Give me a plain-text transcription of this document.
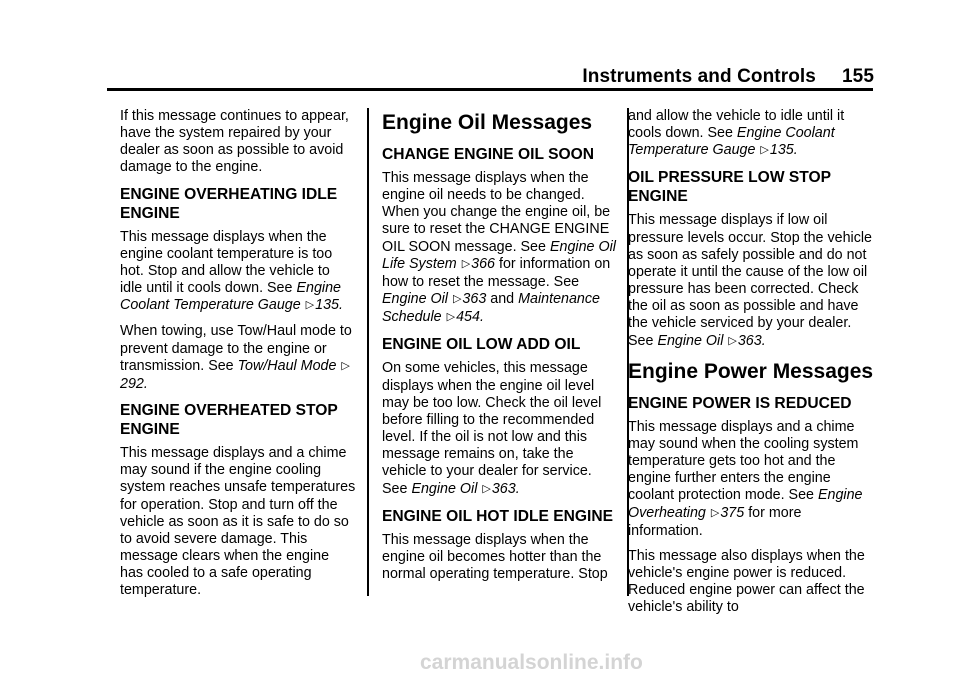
Instruments and Controls 155

If this message continues to appear, have the system repaired by your dealer as soon as possible to avoid damage to the engine.

ENGINE OVERHEATING IDLE ENGINE

This message displays when the engine coolant temperature is too hot. Stop and allow the vehicle to idle until it cools down. See Engine Coolant Temperature Gauge ▷135.

When towing, use Tow/Haul mode to prevent damage to the engine or transmission. See Tow/Haul Mode ▷292.

ENGINE OVERHEATED STOP ENGINE

This message displays and a chime may sound if the engine cooling system reaches unsafe temperatures for operation. Stop and turn off the vehicle as soon as it is safe to do so to avoid severe damage. This message clears when the engine has cooled to a safe operating temperature.

Engine Oil Messages
CHANGE ENGINE OIL SOON

This message displays when the engine oil needs to be changed. When you change the engine oil, be sure to reset the CHANGE ENGINE OIL SOON message. See Engine Oil Life System ▷366 for information on how to reset the message. See Engine Oil ▷363 and Maintenance Schedule ▷454.

ENGINE OIL LOW ADD OIL

On some vehicles, this message displays when the engine oil level may be too low. Check the oil level before filling to the recommended level. If the oil is not low and this message remains on, take the vehicle to your dealer for service. See Engine Oil ▷363.

ENGINE OIL HOT IDLE ENGINE

This message displays when the engine oil becomes hotter than the normal operating temperature. Stop

and allow the vehicle to idle until it cools down. See Engine Coolant Temperature Gauge ▷135.

OIL PRESSURE LOW STOP ENGINE

This message displays if low oil pressure levels occur. Stop the vehicle as soon as safely possible and do not operate it until the cause of the low oil pressure has been corrected. Check the oil as soon as possible and have the vehicle serviced by your dealer. See Engine Oil ▷363.

Engine Power Messages
ENGINE POWER IS REDUCED

This message displays and a chime may sound when the cooling system temperature gets too hot and the engine further enters the engine coolant protection mode. See Engine Overheating ▷375 for more information.

This message also displays when the vehicle's engine power is reduced. Reduced engine power can affect the vehicle's ability to

carmanualsonline.info
